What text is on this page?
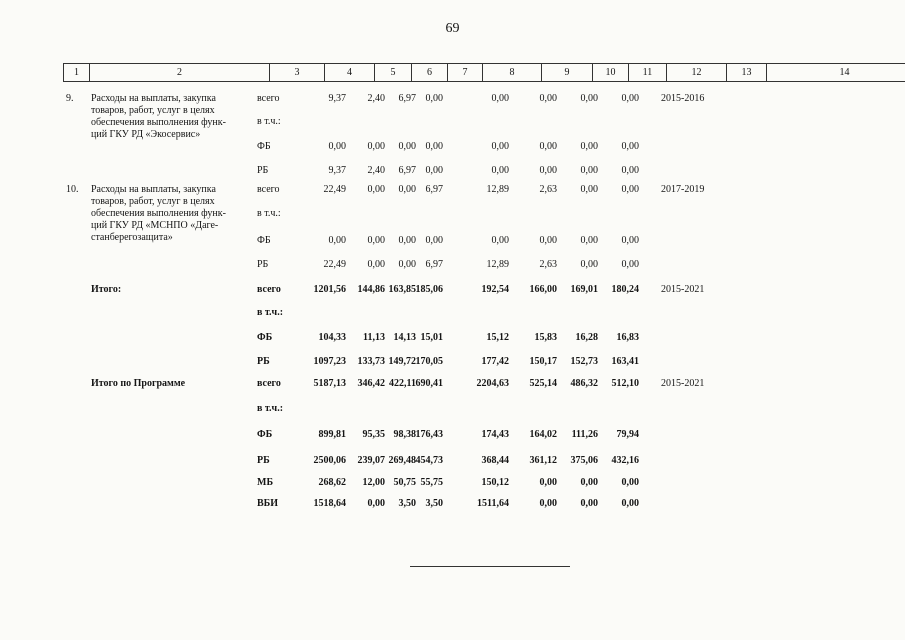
69
1	2	3	4	5	6	7	8	9	10	11	12	13	14
9. Расходы на выплаты, закупка
товаров, работ, услуг в целях
обеспечения выполнения функ-
ций ГКУ РД «Экосервис»
всего	9,37 2,40 6,97 0,00	0,00	0,00 0,00 0,00 2015-2016
в т.ч.:
ФБ	0,00 0,00 0,00 0,00	0,00	0,00 0,00 0,00
РБ	9,37 2,40 6,97 0,00	0,00	0,00 0,00 0,00
10. Расходы на выплаты, закупка
товаров, работ, услуг в целях
обеспечения выполнения функ-
ций ГКУ РД «МСНПО «Даге-
станберегозащита»
всего	22,49 0,00 0,00 6,97	12,89	2,63 0,00 0,00 2017-2019
в т.ч.:
ФБ	0,00 0,00 0,00 0,00	0,00	0,00 0,00 0,00
РБ	22,49 0,00 0,00 6,97	12,89	2,63 0,00 0,00
Итого:	всего	1201,56 144,86 163,85 185,06	192,54 166,00 169,01 180,24 2015-2021
в т.ч.:
ФБ	104,33 11,13 14,13 15,01	15,12	15,83 16,28 16,83
РБ	1097,23 133,73 149,72 170,05	177,42 150,17 152,73 163,41
Итого по Программе	всего	5187,13 346,42 422,11 690,41	2204,63 525,14 486,32 512,10 2015-2021
в т.ч.:
ФБ	899,81 95,35 98,38 176,43	174,43 164,02 111,26 79,94
РБ	2500,06 239,07 269,48 454,73	368,44 361,12 375,06 432,16
МБ	268,62 12,00 50,75 55,75	150,12	0,00 0,00 0,00
ВБИ	1518,64 0,00 3,50 3,50	1511,64	0,00 0,00 0,00
